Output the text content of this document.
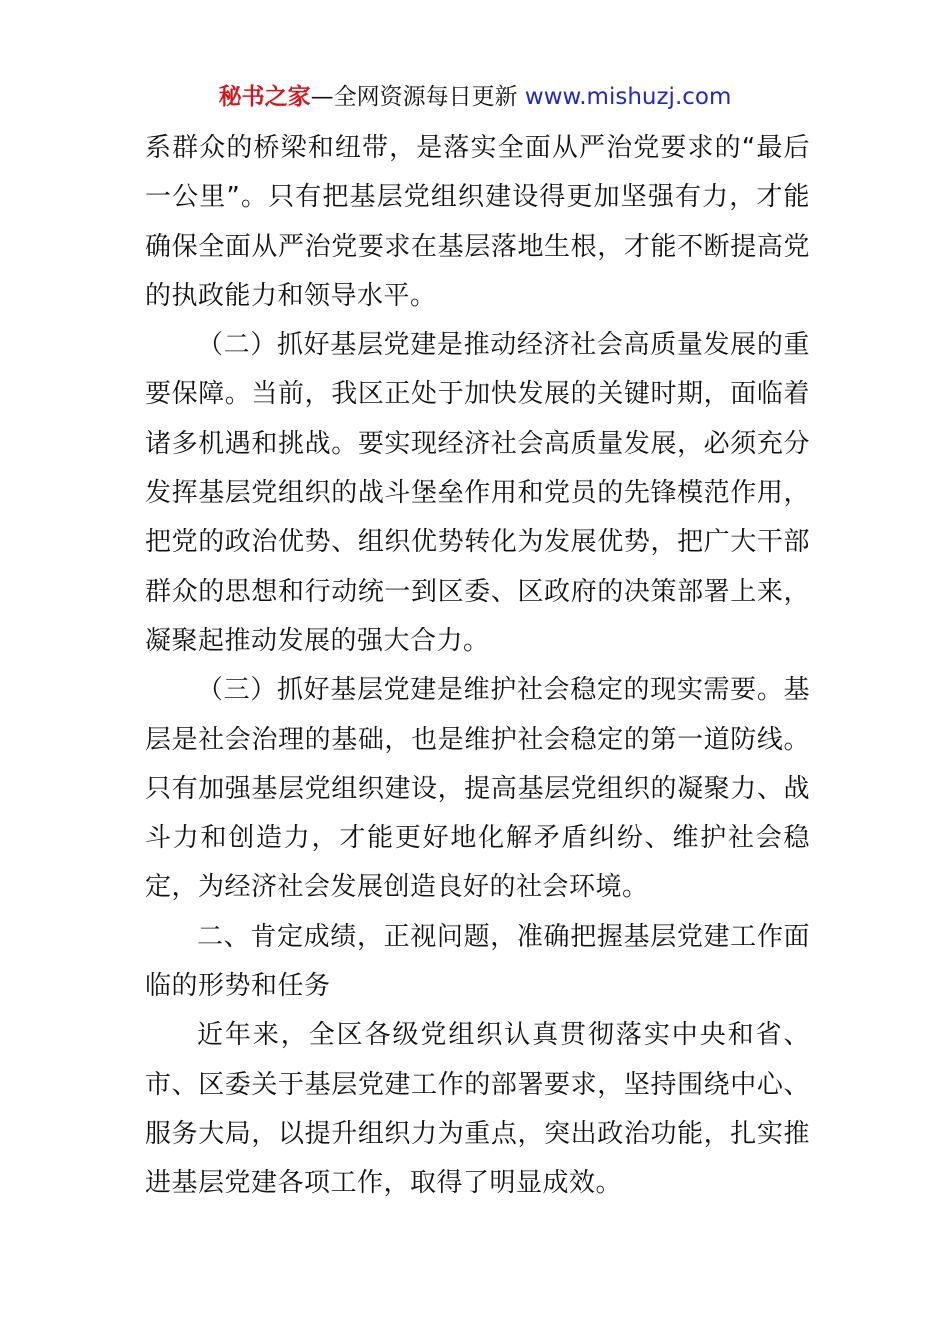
秘书之家—全网资源每日更新 www.mishuzj.com
系群众的桥梁和纽带，是落实全面从严治党要求的“最后
一公里”。只有把基层党组织建设得更加坚强有力，才能
确保全面从严治党要求在基层落地生根，才能不断提高党
的执政能力和领导水平。
（二）抓好基层党建是推动经济社会高质量发展的重
要保障。当前，我区正处于加快发展的关键时期，面临着
诸多机遇和挑战。要实现经济社会高质量发展，必须充分
发挥基层党组织的战斗堡垒作用和党员的先锋模范作用，
把党的政治优势、组织优势转化为发展优势，把广大干部
群众的思想和行动统一到区委、区政府的决策部署上来，
凝聚起推动发展的强大合力。
（三）抓好基层党建是维护社会稳定的现实需要。基
层是社会治理的基础，也是维护社会稳定的第一道防线。
只有加强基层党组织建设，提高基层党组织的凝聚力、战
斗力和创造力，才能更好地化解矛盾纠纷、维护社会稳
定，为经济社会发展创造良好的社会环境。
二、肯定成绩，正视问题，准确把握基层党建工作面
临的形势和任务
近年来，全区各级党组织认真贯彻落实中央和省、
市、区委关于基层党建工作的部署要求，坚持围绕中心、
服务大局，以提升组织力为重点，突出政治功能，扎实推
进基层党建各项工作，取得了明显成效。
